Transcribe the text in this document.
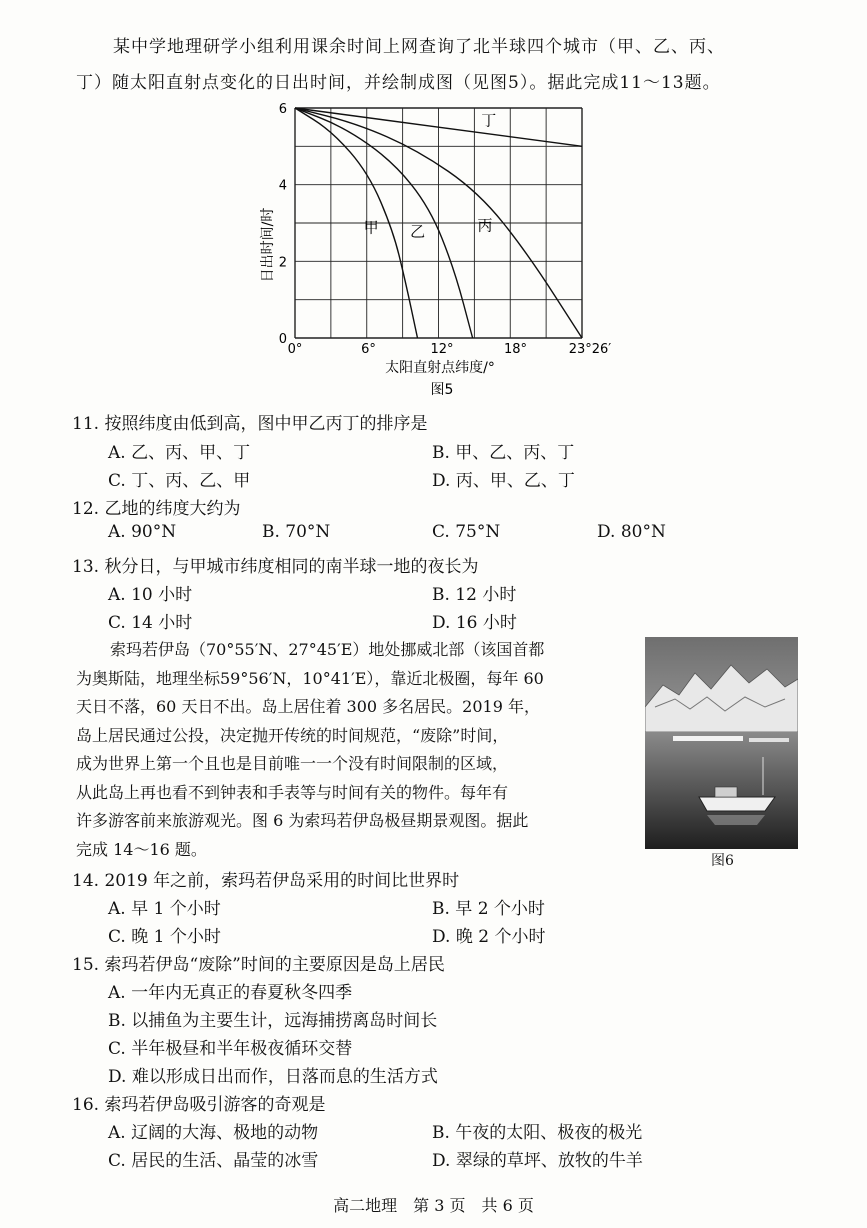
某中学地理研学小组利用课余时间上网查询了北半球四个城市（甲、乙、丙、
丁）随太阳直射点变化的日出时间，并绘制成图（见图5）。据此完成11～13题。
甲 乙	丙
丁
0°	6°	12°	18°	23°26′
0
2
4
6
日出时间/时
太阳直射点纬度/°
图5
11. 按照纬度由低到高，图中甲乙丙丁的排序是
A. 乙、丙、甲、丁	B. 甲、乙、丙、丁
C. 丁、丙、乙、甲	D. 丙、甲、乙、丁
12. 乙地的纬度大约为
A. 90°N	B. 70°N	C. 75°N	D. 80°N
13. 秋分日，与甲城市纬度相同的南半球一地的夜长为
A. 10 小时	B. 12 小时
C. 14 小时	D. 16 小时
索玛若伊岛（70°55′N、27°45′E）地处挪威北部（该国首都
为奥斯陆，地理坐标59°56′N，10°41′E），靠近北极圈，每年 60
天日不落，60 天日不出。岛上居住着 300 多名居民。2019 年，
岛上居民通过公投，决定抛开传统的时间规范，“废除”时间，
成为世界上第一个且也是目前唯一一个没有时间限制的区域，
从此岛上再也看不到钟表和手表等与时间有关的物件。每年有
许多游客前来旅游观光。图 6 为索玛若伊岛极昼期景观图。据此
完成 14～16 题。
图6
14. 2019 年之前，索玛若伊岛采用的时间比世界时
A. 早 1 个小时	B. 早 2 个小时
C. 晚 1 个小时	D. 晚 2 个小时
15. 索玛若伊岛“废除”时间的主要原因是岛上居民
A. 一年内无真正的春夏秋冬四季
B. 以捕鱼为主要生计，远海捕捞离岛时间长
C. 半年极昼和半年极夜循环交替
D. 难以形成日出而作，日落而息的生活方式
16. 索玛若伊岛吸引游客的奇观是
A. 辽阔的大海、极地的动物	B. 午夜的太阳、极夜的极光
C. 居民的生活、晶莹的冰雪	D. 翠绿的草坪、放牧的牛羊
高二地理　第 3 页　共 6 页
